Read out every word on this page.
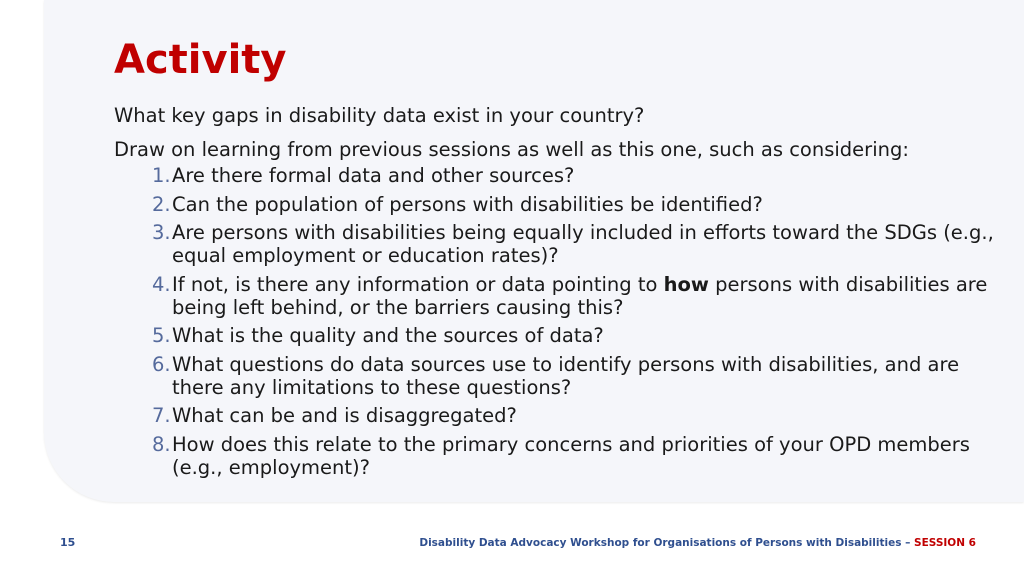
Activity

What key gaps in disability data exist in your country?

Draw on learning from previous sessions as well as this one, such as considering:

1. Are there formal data and other sources?
2. Can the population of persons with disabilities be identified?
3. Are persons with disabilities being equally included in efforts toward the SDGs (e.g., equal employment or education rates)?
4. If not, is there any information or data pointing to how persons with disabilities are being left behind, or the barriers causing this?
5. What is the quality and the sources of data?
6. What questions do data sources use to identify persons with disabilities, and are there any limitations to these questions?
7. What can be and is disaggregated?
8. How does this relate to the primary concerns and priorities of your OPD members (e.g., employment)?
15	Disability Data Advocacy Workshop for Organisations of Persons with Disabilities – SESSION 6
